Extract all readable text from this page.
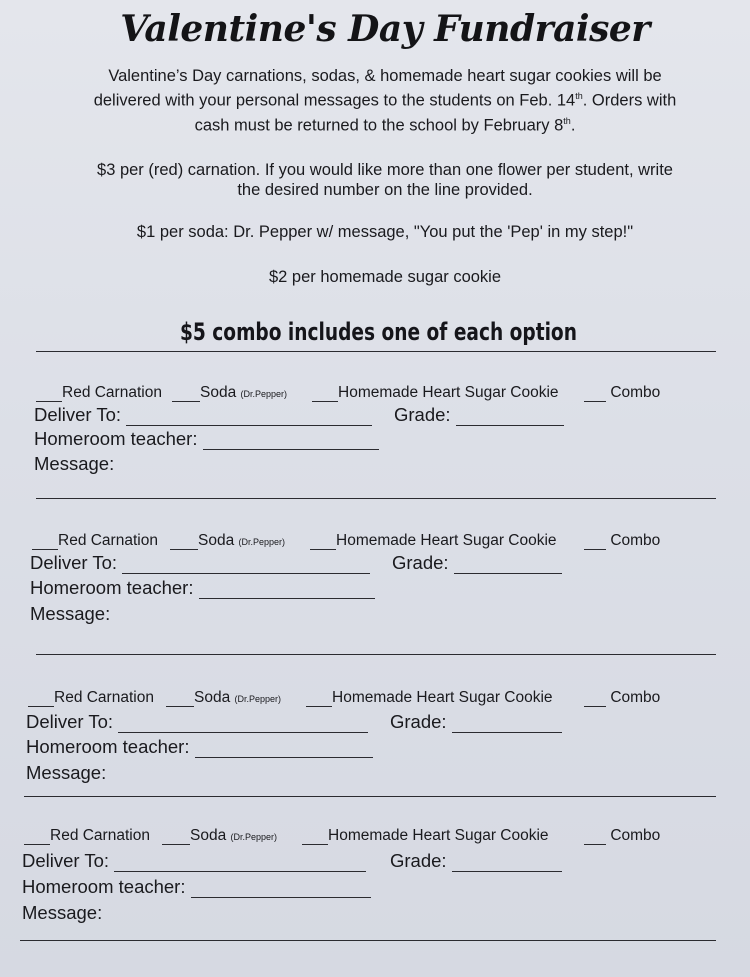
Valentine's Day Fundraiser
Valentine’s Day carnations, sodas, & homemade heart sugar cookies will be
delivered with your personal messages to the students on Feb. 14th. Orders with
cash must be returned to the school by February 8th.
$3 per (red) carnation. If you would like more than one flower per student, write
the desired number on the line provided.
$1 per soda: Dr. Pepper w/ message, "You put the 'Pep' in my step!"
$2 per homemade sugar cookie
$5 combo includes one of each option
Red Carnation	Soda (Dr.Pepper)	Homemade Heart Sugar Cookie	Combo
Deliver To:	Grade:
Homeroom teacher:
Message:
Red Carnation	Soda (Dr.Pepper)	Homemade Heart Sugar Cookie	Combo
Deliver To:	Grade:
Homeroom teacher:
Message:
Red Carnation	Soda (Dr.Pepper)	Homemade Heart Sugar Cookie	Combo
Deliver To:	Grade:
Homeroom teacher:
Message:
Red Carnation	Soda (Dr.Pepper)	Homemade Heart Sugar Cookie	Combo
Deliver To:	Grade:
Homeroom teacher:
Message:
